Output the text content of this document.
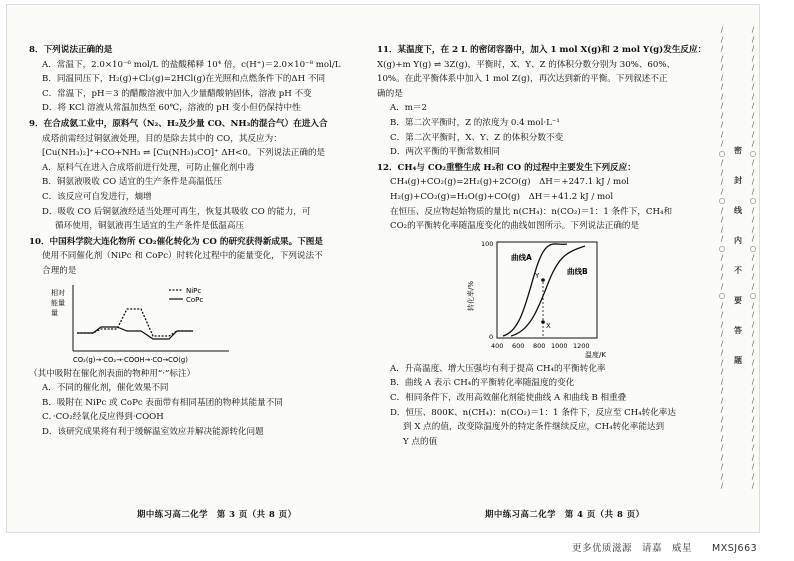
8．下列说法正确的是

A．常温下，2.0×10⁻⁶ mol/L 的盐酸稀释 10⁴ 倍，c(H⁺)＝2.0×10⁻⁸ mol/L

B．同温同压下，H₂(g)+Cl₂(g)=2HCl(g)在光照和点燃条件下的ΔH 不同

C．常温下，pH＝3 的醋酸溶液中加入少量醋酸钠固体，溶液 pH 不变

D．将 KCl 溶液从常温加热至 60℃，溶液的 pH 变小但仍保持中性

9．在合成氨工业中，原料气（N₂、H₂及少量 CO、NH₃的混合气）在进入合

成塔前需经过铜氨液处理，目的是除去其中的 CO，其反应为：

[Cu(NH₃)₂]⁺+CO+NH₃ ⇌ [Cu(NH₃)₃CO]⁺ ΔH<0。下列说法正确的是

A．原料气在进入合成塔前进行处理，可防止催化剂中毒

B．铜氨液吸收 CO 适宜的生产条件是高温低压

C．该反应可自发进行，熵增

D．吸收 CO 后铜氨液经适当处理可再生，恢复其吸收 CO 的能力，可

循环使用，铜氨液再生适宜的生产条件是低温高压

10．中国科学院大连化物所 CO₂催化转化为 CO 的研究获得新成果。下图是

使用不同催化剂（NiPc 和 CoPc）时转化过程中的能量变化，下列说法不

合理的是

相对
能量
量
NiPc
CoPc
CO₂(g)→·CO₂→·COOH→·CO→CO(g)

（其中吸附在催化剂表面的物种用“·”标注）

A．不同的催化剂，催化效果不同

B．吸附在 NiPc 或 CoPc 表面带有相同基团的物种其能量不同

C．·CO₂经氧化反应得到·COOH

D．该研究成果将有利于缓解温室效应并解决能源转化问题

期中练习高二化学　第 3 页（共 8 页）

11．某温度下，在 2 L 的密闭容器中，加入 1 mol X(g)和 2 mol Y(g)发生反应：

X(g)+m Y(g) ⇌ 3Z(g)，平衡时，X、Y、Z 的体积分数分别为 30%、60%、

10%。在此平衡体系中加入 1 mol Z(g)，再次达到新的平衡。下列叙述不正

确的是

A．m＝2

B．第二次平衡时，Z 的浓度为 0.4 mol·L⁻¹

C．第二次平衡时，X、Y、Z 的体积分数不变

D．两次平衡的平衡常数相同

12．CH₄与 CO₂重整生成 H₂和 CO 的过程中主要发生下列反应：

CH₄(g)+CO₂(g)=2H₂(g)+2CO(g)　ΔH＝+247.1 kJ / mol

H₂(g)+CO₂(g)=H₂O(g)+CO(g)　ΔH＝+41.2 kJ / mol

在恒压、反应物起始物质的量比 n(CH₄)：n(CO₂)＝1：1 条件下，CH₄和

CO₂的平衡转化率随温度变化的曲线如图所示。下列说法正确的是

转化率/%
100
0
曲线A
曲线B
Y
X
400 600 800 1000 1200
温度/K

A．升高温度、增大压强均有利于提高 CH₄的平衡转化率

B．曲线 A 表示 CH₄的平衡转化率随温度的变化

C．相同条件下，改用高效催化剂能使曲线 A 和曲线 B 相重叠

D．恒压、800K、n(CH₄)：n(CO₂)＝1：1 条件下，反应至 CH₄转化率达

到 X 点的值，改变除温度外的特定条件继续反应，CH₄转化率能达到

Y 点的值

期中练习高二化学　第 4 页（共 8 页）
/
/
/
/
/
/
/
/
/
/
/
/
/
○
/
/
/
/
○
/
/
/
/
○
/
/
/
/
○
/
/
/
/
/
/
/
/
/
/
/
/
/
/
/
/
/
/
/
/
密
封
线
内
不
要
答
题
/
/
/
/
/
/
/
/
/
/
/
/
/
○
/
/
/
/
○
/
/
/
/
○
/
/
/
/
○
/
/
/
/
/
/
/
/
/
/
/
/
/
/
/
/
/
/
/
/
更多优质滋源　请嘉　威星　　MXSJ663
